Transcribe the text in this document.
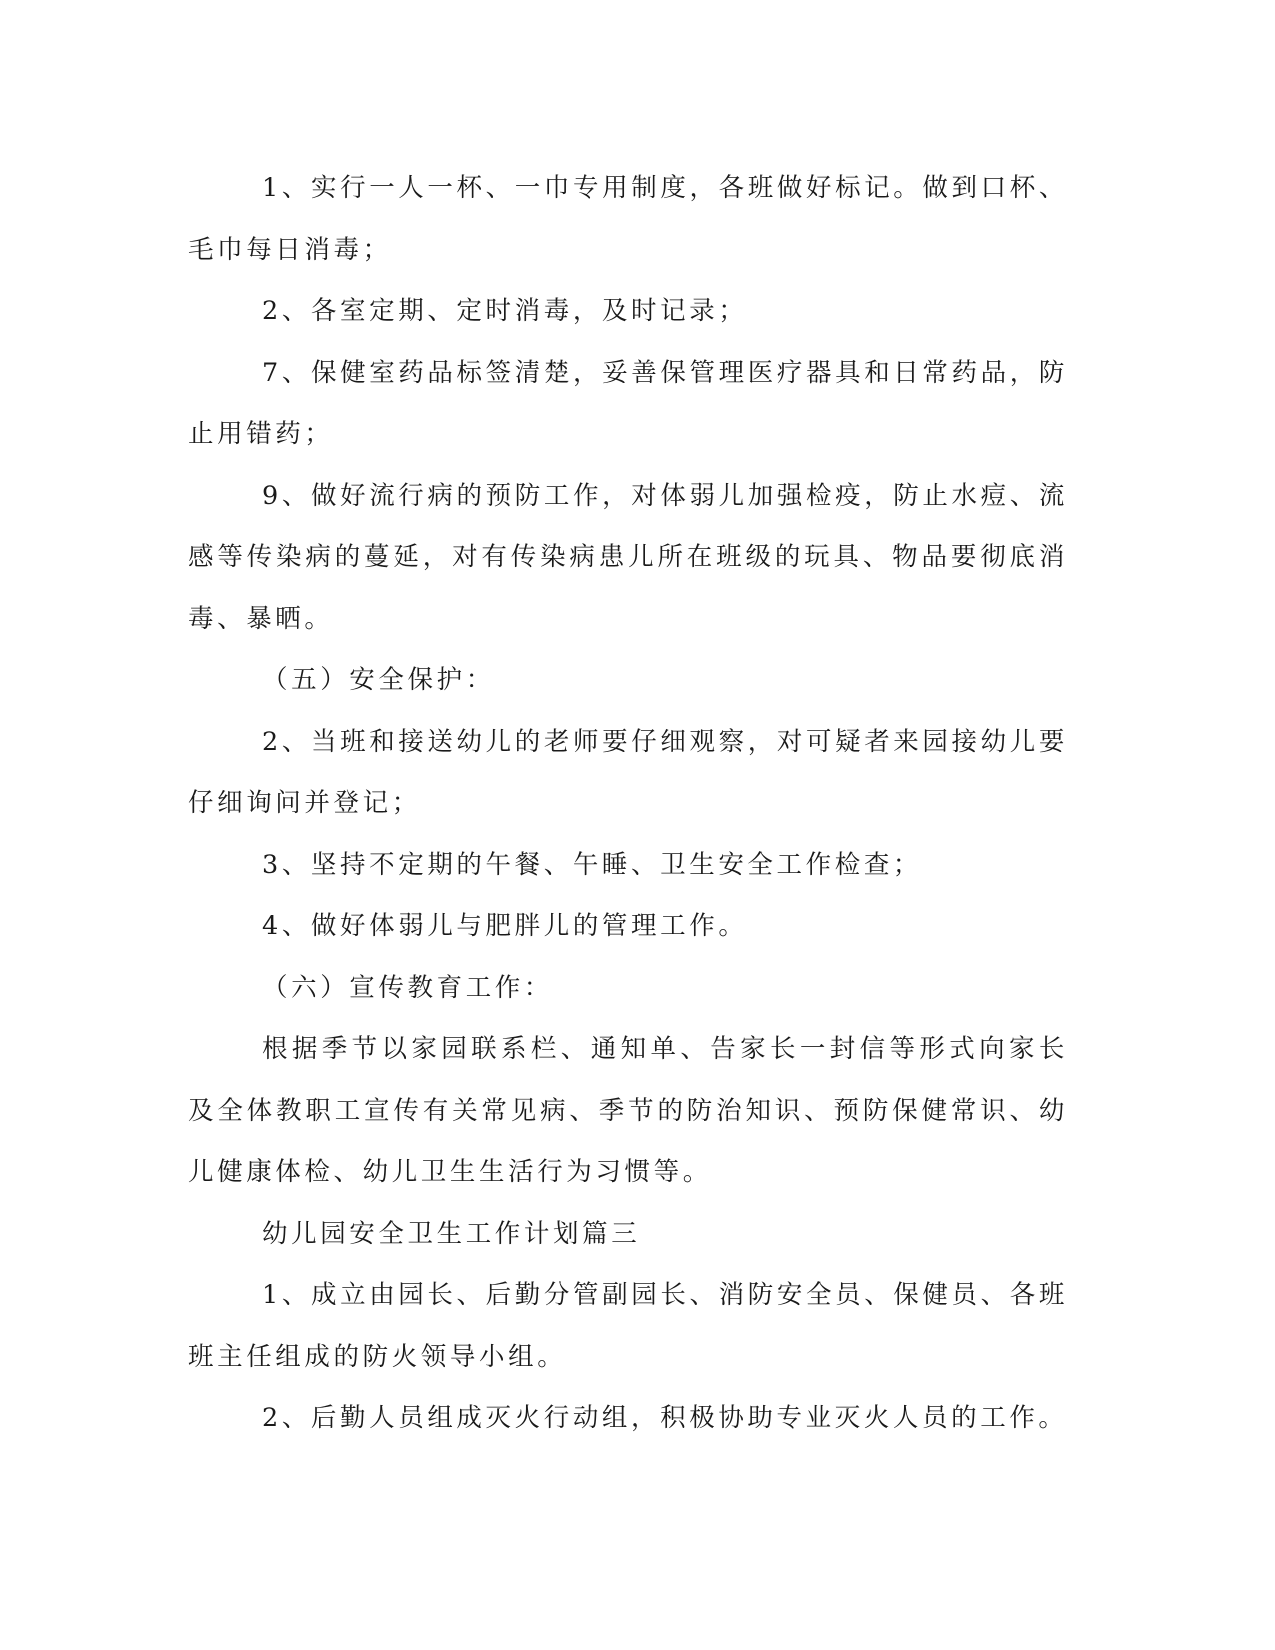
1、实行一人一杯、一巾专用制度，各班做好标记。做到口杯、毛巾每日消毒；

2、各室定期、定时消毒，及时记录；

7、保健室药品标签清楚，妥善保管理医疗器具和日常药品，防止用错药；

9、做好流行病的预防工作，对体弱儿加强检疫，防止水痘、流感等传染病的蔓延，对有传染病患儿所在班级的玩具、物品要彻底消毒、暴晒。

（五）安全保护：

2、当班和接送幼儿的老师要仔细观察，对可疑者来园接幼儿要仔细询问并登记；

3、坚持不定期的午餐、午睡、卫生安全工作检查；

4、做好体弱儿与肥胖儿的管理工作。

（六）宣传教育工作：

根据季节以家园联系栏、通知单、告家长一封信等形式向家长及全体教职工宣传有关常见病、季节的防治知识、预防保健常识、幼儿健康体检、幼儿卫生生活行为习惯等。

幼儿园安全卫生工作计划篇三

1、成立由园长、后勤分管副园长、消防安全员、保健员、各班班主任组成的防火领导小组。

2、后勤人员组成灭火行动组，积极协助专业灭火人员的工作。
